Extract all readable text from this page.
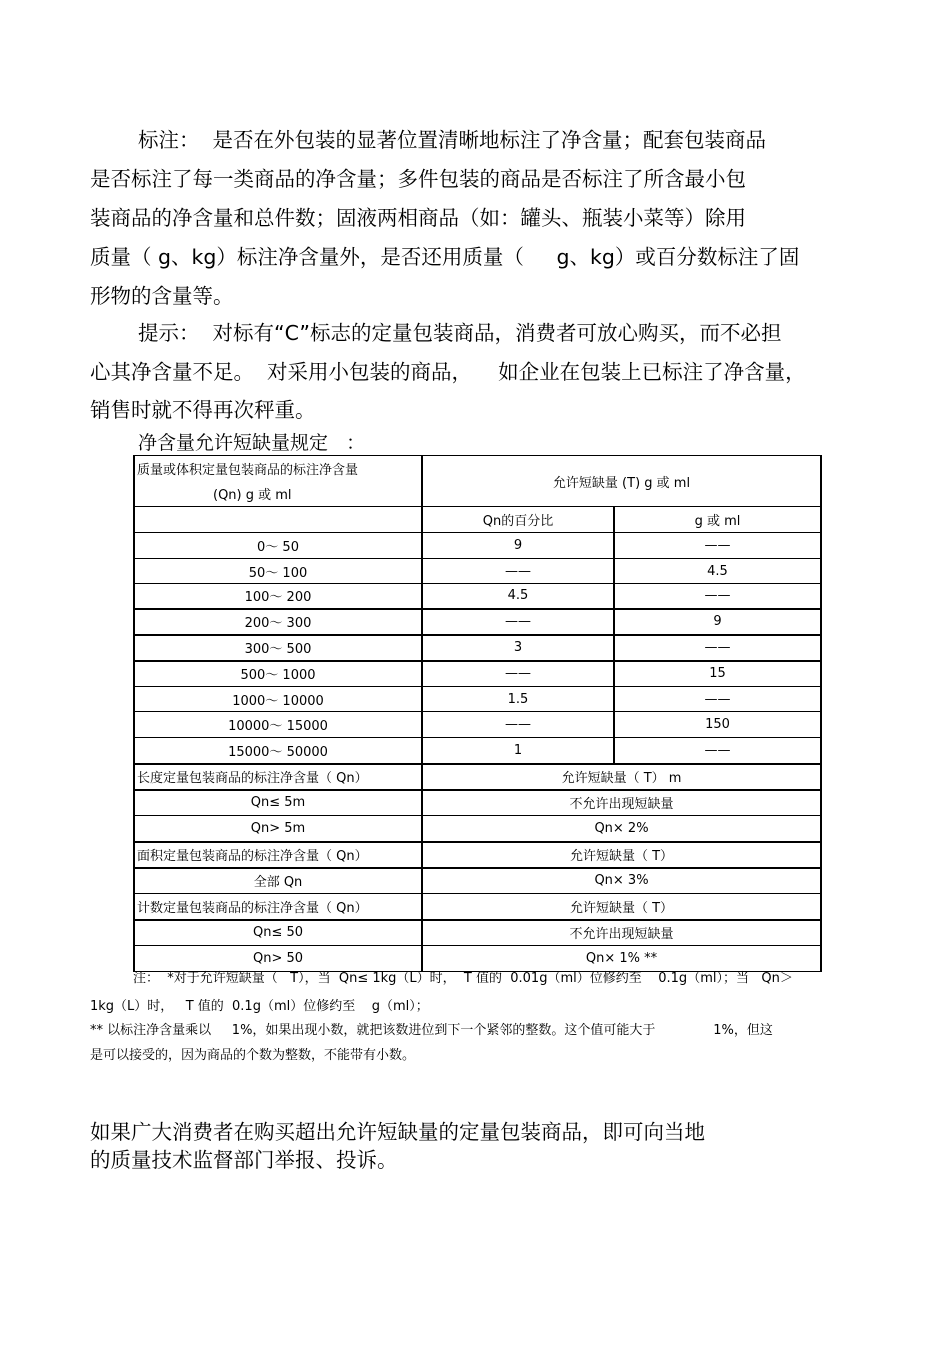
标注：  是否在外包装的显著位置清晰地标注了净含量；配套包装商品
是否标注了每一类商品的净含量；多件包装的商品是否标注了所含最小包
装商品的净含量和总件数；固液两相商品（如：罐头、瓶装小菜等）除用
质量（ g、kg）标注净含量外，是否还用质量（     g、kg）或百分数标注了固
形物的含量等。
提示：  对标有“C”标志的定量包装商品，消费者可放心购买，而不必担
心其净含量不足。  对采用小包装的商品，    如企业在包装上已标注了净含量，
销售时就不得再次秤重。
净含量允许短缺量规定   ：
质量或体积定量包装商品的标注净含量
(Qn) g 或 ml	允许短缺量 (T) g 或 ml	
	Qn的百分比	g 或 ml
0～ 50	9	——
50～ 100	——	4.5
100～ 200	4.5	——
200～ 300	——	9
300～ 500	3	——
500～ 1000	——	15
1000～ 10000	1.5	——
10000～ 15000	——	150
15000～ 50000	1	——
长度定量包装商品的标注净含量（ Qn）	允许短缺量（ T） m	
Qn≤ 5m	不允许出现短缺量	
Qn> 5m	Qn× 2%	
面积定量包装商品的标注净含量（ Qn）	允许短缺量（ T）	
全部 Qn	Qn× 3%	
计数定量包装商品的标注净含量（ Qn）	允许短缺量（ T）	
Qn≤ 50	不允许出现短缺量	
Qn> 50	Qn× 1% **	
注：  *对于允许短缺量（   T），当  Qn≤ 1kg（L）时，  T 值的  0.01g（ml）位修约至    0.1g（ml）；当   Qn＞
1kg（L）时，   T 值的  0.1g（ml）位修约至    g（ml）；
** 以标注净含量乘以     1%，如果出现小数，就把该数进位到下一个紧邻的整数。这个值可能大于              1%，但这
是可以接受的，因为商品的个数为整数，不能带有小数。
如果广大消费者在购买超出允许短缺量的定量包装商品，即可向当地
的质量技术监督部门举报、投诉。
